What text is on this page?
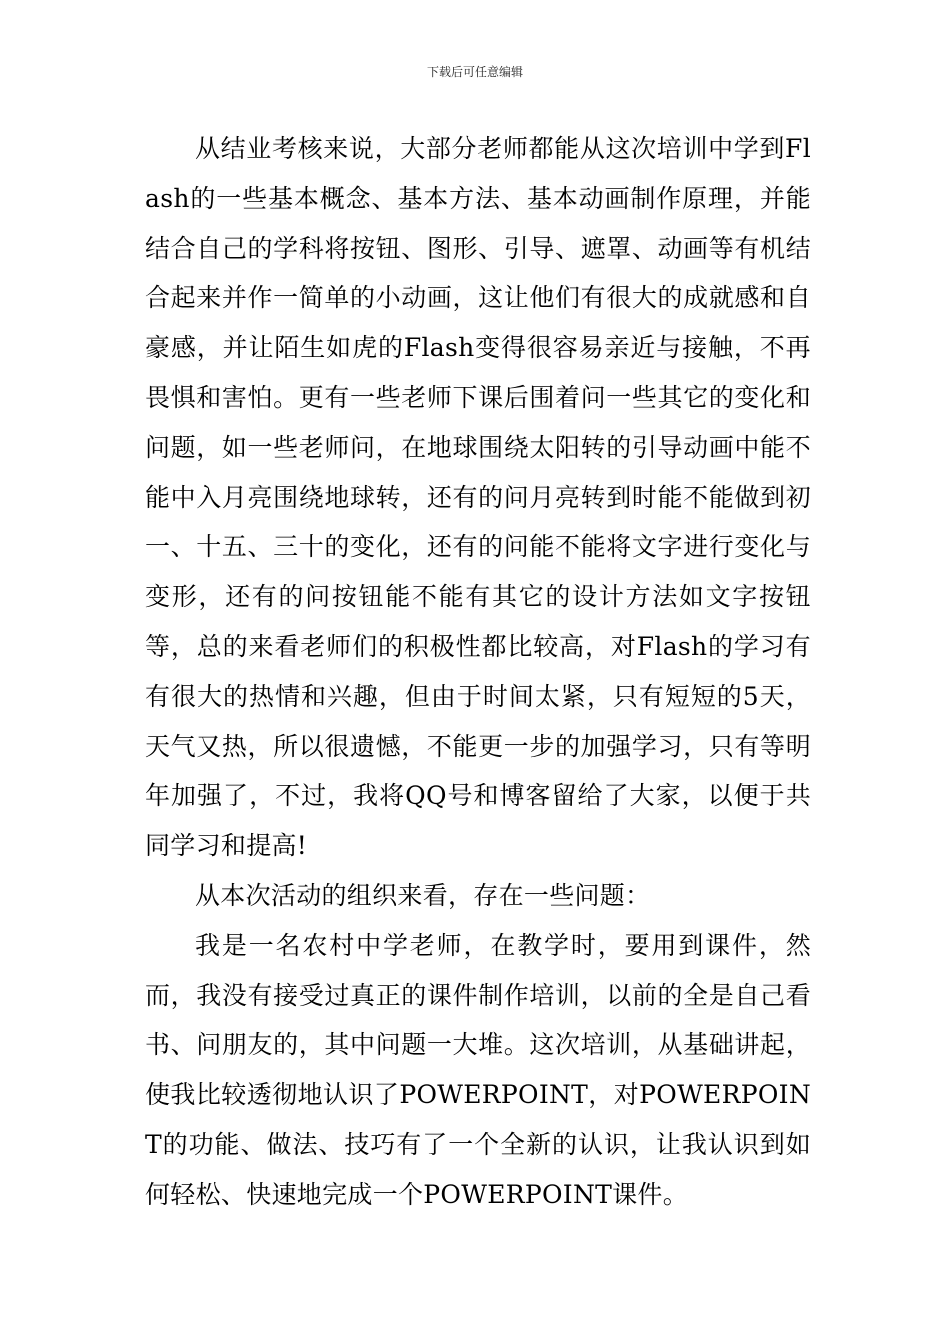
下载后可任意编辑

从结业考核来说，大部分老师都能从这次培训中学到Flash的一些基本概念、基本方法、基本动画制作原理，并能结合自己的学科将按钮、图形、引导、遮罩、动画等有机结合起来并作一简单的小动画，这让他们有很大的成就感和自豪感，并让陌生如虎的Flash变得很容易亲近与接触，不再畏惧和害怕。更有一些老师下课后围着问一些其它的变化和问题，如一些老师问，在地球围绕太阳转的引导动画中能不能中入月亮围绕地球转，还有的问月亮转到时能不能做到初一、十五、三十的变化，还有的问能不能将文字进行变化与变形，还有的问按钮能不能有其它的设计方法如文字按钮等，总的来看老师们的积极性都比较高，对Flash的学习有有很大的热情和兴趣，但由于时间太紧，只有短短的5天，天气又热，所以很遗憾，不能更一步的加强学习，只有等明年加强了，不过，我将QQ号和博客留给了大家，以便于共同学习和提高!

从本次活动的组织来看，存在一些问题：

我是一名农村中学老师，在教学时，要用到课件，然而，我没有接受过真正的课件制作培训，以前的全是自己看书、问朋友的，其中问题一大堆。这次培训，从基础讲起，使我比较透彻地认识了POWERPOINT，对POWERPOINT的功能、做法、技巧有了一个全新的认识，让我认识到如何轻松、快速地完成一个POWERPOINT课件。
